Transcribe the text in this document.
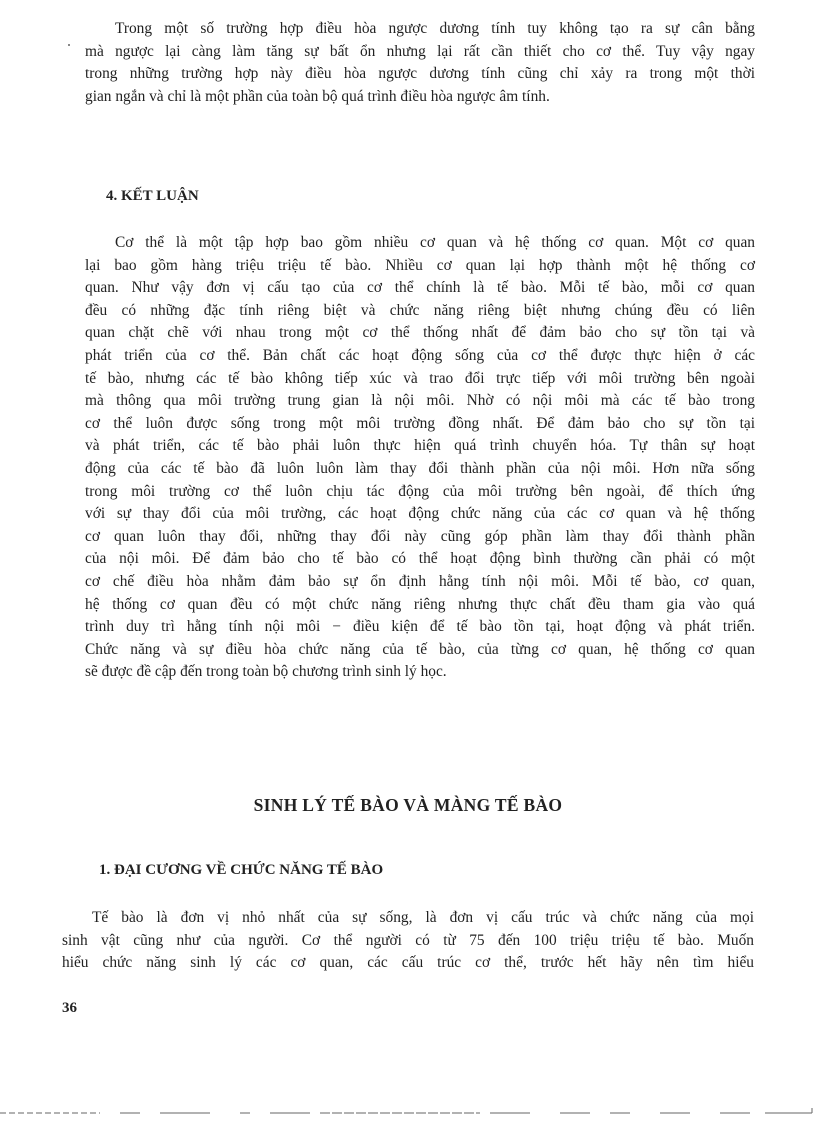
Trong một số trường hợp điều hòa ngược dương tính tuy không tạo ra sự cân bằng
mà ngược lại càng làm tăng sự bất ổn nhưng lại rất cần thiết cho cơ thể. Tuy vậy ngay
trong những trường hợp này điều hòa ngược dương tính cũng chỉ xảy ra trong một thời
gian ngắn và chỉ là một phần của toàn bộ quá trình điều hòa ngược âm tính.
4. KẾT LUẬN
Cơ thể là một tập hợp bao gồm nhiều cơ quan và hệ thống cơ quan. Một cơ quan
lại bao gồm hàng triệu triệu tế bào. Nhiều cơ quan lại hợp thành một hệ thống cơ
quan. Như vậy đơn vị cấu tạo của cơ thể chính là tế bào. Mỗi tế bào, mỗi cơ quan
đều có những đặc tính riêng biệt và chức năng riêng biệt nhưng chúng đều có liên
quan chặt chẽ với nhau trong một cơ thể thống nhất để đảm bảo cho sự tồn tại và
phát triển của cơ thể. Bản chất các hoạt động sống của cơ thể được thực hiện ở các
tế bào, nhưng các tế bào không tiếp xúc và trao đổi trực tiếp với môi trường bên ngoài
mà thông qua môi trường trung gian là nội môi. Nhờ có nội môi mà các tế bào trong
cơ thể luôn được sống trong một môi trường đồng nhất. Để đảm bảo cho sự tồn tại
và phát triển, các tế bào phải luôn thực hiện quá trình chuyển hóa. Tự thân sự hoạt
động của các tế bào đã luôn luôn làm thay đổi thành phần của nội môi. Hơn nữa sống
trong môi trường cơ thể luôn chịu tác động của môi trường bên ngoài, để thích ứng
với sự thay đổi của môi trường, các hoạt động chức năng của các cơ quan và hệ thống
cơ quan luôn thay đổi, những thay đổi này cũng góp phần làm thay đổi thành phần
của nội môi. Để đảm bảo cho tế bào có thể hoạt động bình thường cần phải có một
cơ chế điều hòa nhằm đảm bảo sự ổn định hằng tính nội môi. Mỗi tế bào, cơ quan,
hệ thống cơ quan đều có một chức năng riêng nhưng thực chất đều tham gia vào quá
trình duy trì hằng tính nội môi − điều kiện để tế bào tồn tại, hoạt động và phát triển.
Chức năng và sự điều hòa chức năng của tế bào, của từng cơ quan, hệ thống cơ quan
sẽ được đề cập đến trong toàn bộ chương trình sinh lý học.
SINH LÝ TẾ BÀO VÀ MÀNG TẾ BÀO
1. ĐẠI CƯƠNG VỀ CHỨC NĂNG TẾ BÀO
Tế bào là đơn vị nhỏ nhất của sự sống, là đơn vị cấu trúc và chức năng của mọi
sinh vật cũng như của người. Cơ thể người có từ 75 đến 100 triệu triệu tế bào. Muốn
hiểu chức năng sinh lý các cơ quan, các cấu trúc cơ thể, trước hết hãy nên tìm hiểu
36
